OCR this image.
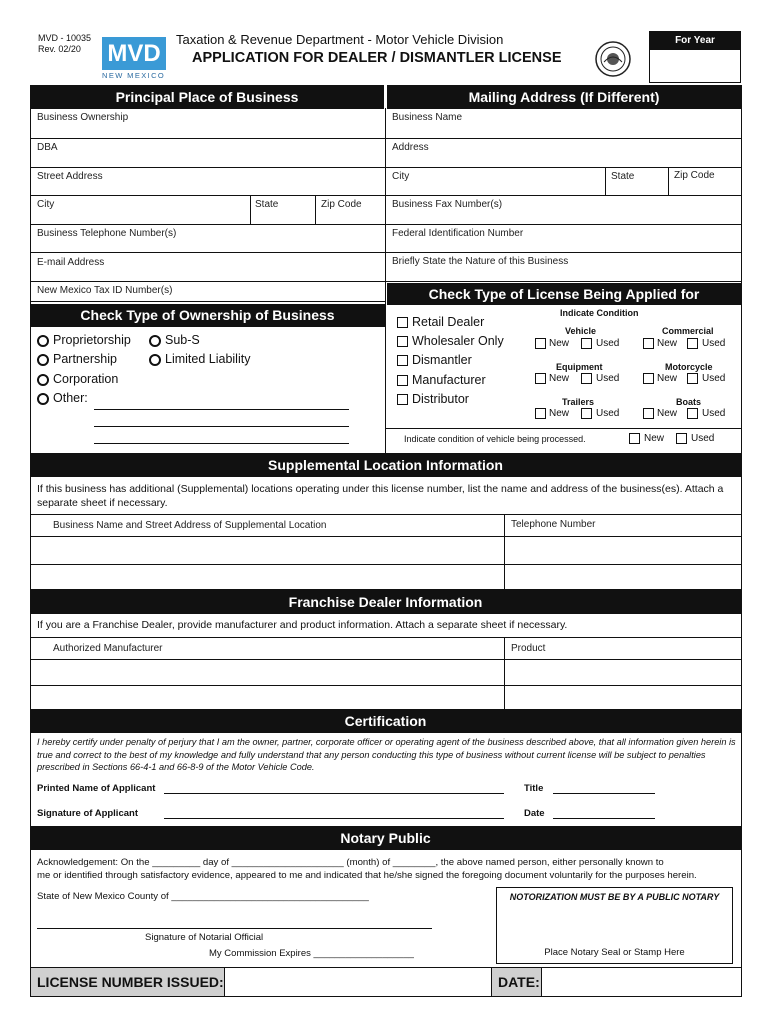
MVD - 10035
Rev. 02/20 MVD
NEW MEXICO
Taxation & Revenue Department - Motor Vehicle Division
APPLICATION FOR DEALER / DISMANTLER LICENSE
For Year
Principal Place of Business	Mailing Address (If Different)
Business Ownership
DBA
Street Address
City	State	Zip Code
Business Telephone Number(s)
E-mail Address
New Mexico Tax ID Number(s)
Business Name
Address
City	State	Zip Code
Business Fax Number(s)
Federal Identification Number
Briefly State the Nature of this Business
Check Type of Ownership of Business
Proprietorship	Sub-S
Partnership	Limited Liability
Corporation
Other:
Check Type of License Being Applied for
Retail Dealer
Wholesaler Only
Dismantler
Manufacturer
Distributor
Indicate Condition
Vehicle
New	Used
Commercial
New Used
Equipment
New	Used
Motorcycle
New Used
Trailers
New	Used
Boats
New Used
Indicate condition of vehicle being processed.	New	Used
Supplemental Location Information
If this business has additional (Supplemental) locations operating under this license number, list the name and address of the business(es). Attach a separate sheet if necessary.
Business Name and Street Address of Supplemental Location	Telephone Number
Franchise Dealer Information
If you are a Franchise Dealer, provide manufacturer and product information. Attach a separate sheet if necessary.
Authorized Manufacturer	Product
Certification
I hereby certify under penalty of perjury that I am the owner, partner, corporate officer or operating agent of the business described above, that all information given herein is true and correct to the best of my knowledge and fully understand that any person conducting this type of business without current license will be subject to penalties prescribed in Sections 66-4-1 and 66-8-9 of the Motor Vehicle Code.
Printed Name of Applicant	Title
Signature of Applicant	Date
Notary Public
Acknowledgement: On the _________ day of _____________________ (month) of ________, the above named person, either personally known to
me or identified through satisfactory evidence, appeared to me and indicated that he/she signed the foregoing document voluntarily for the purposes herein.
State of New Mexico County of _____________________________________	NOTORIZATION MUST BE BY A PUBLIC NOTARY
Place Notary Seal or Stamp Here
Signature of Notarial Official
My Commission Expires ___________________
LICENSE NUMBER ISSUED:	DATE:
